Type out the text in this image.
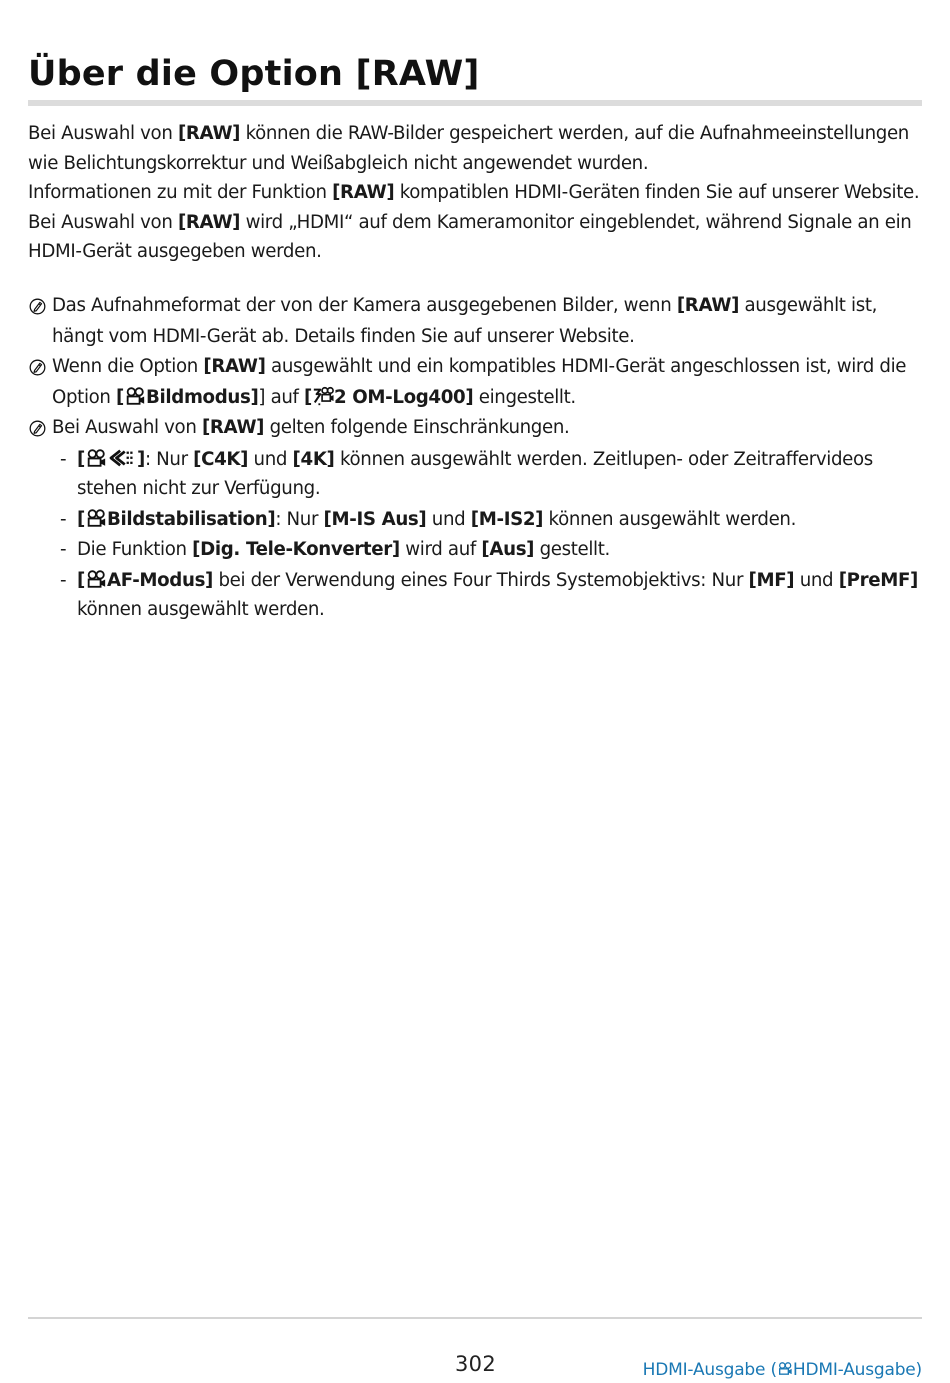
Über die Option [RAW]

Bei Auswahl von [RAW] können die RAW-Bilder gespeichert werden, auf die Aufnahmeeinstellungen wie Belichtungskorrektur und Weißabgleich nicht angewendet wurden.

Informationen zu mit der Funktion [RAW] kompatiblen HDMI-Geräten finden Sie auf unserer Website.

Bei Auswahl von [RAW] wird „HDMI“ auf dem Kameramonitor eingeblendet, während Signale an ein HDMI-Gerät ausgegeben werden.

Das Aufnahmeformat der von der Kamera ausgegebenen Bilder, wenn [RAW] ausgewählt ist, hängt vom HDMI-Gerät ab. Details finden Sie auf unserer Website.
Wenn die Option [RAW] ausgewählt und ein kompatibles HDMI-Gerät angeschlossen ist, wird die Option [ Bildmodus]] auf [ 2 OM-Log400] eingestellt.
Bei Auswahl von [RAW] gelten folgende Einschränkungen.
- [	]: Nur [C4K] und [4K] können ausgewählt werden. Zeitlupen- oder Zeitraffervideos stehen nicht zur Verfügung.
- [ Bildstabilisation]: Nur [M-IS Aus] und [M-IS2] können ausgewählt werden.
- Die Funktion [Dig. Tele-Konverter] wird auf [Aus] gestellt.
- [ AF-Modus] bei der Verwendung eines Four Thirds Systemobjektivs: Nur [MF] und [PreMF] können ausgewählt werden.
302	HDMI-Ausgabe ( HDMI-Ausgabe)
